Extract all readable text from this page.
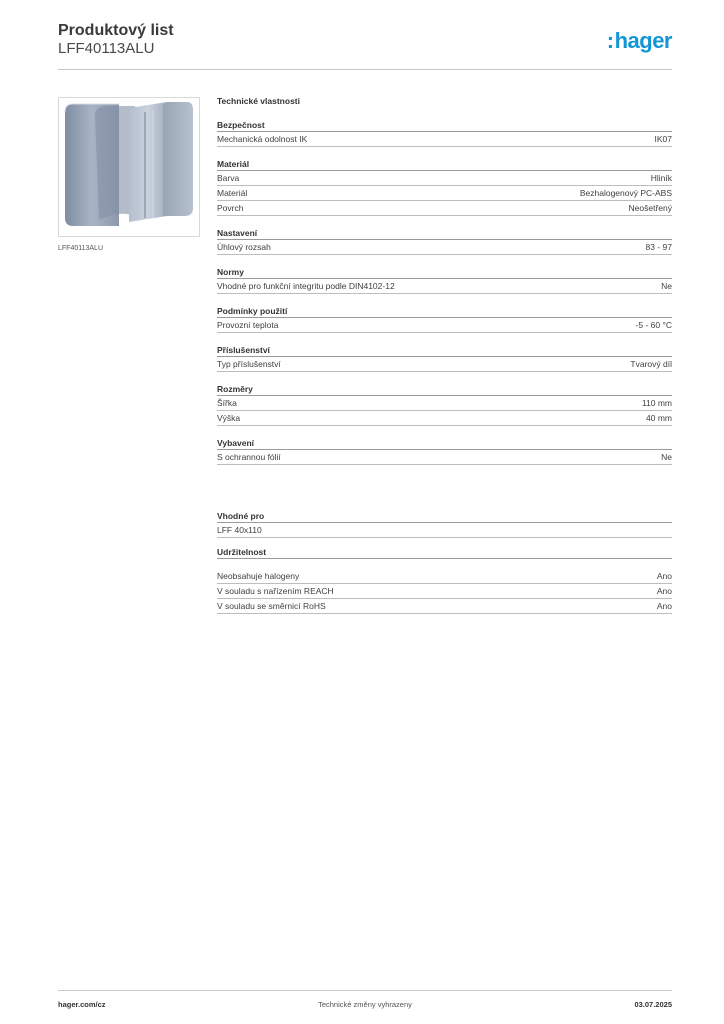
Produktový list
LFF40113ALU	:hager
LFF40113ALU
Technické vlastnosti
Bezpečnost
Mechanická odolnost IK	IK07
Materiál
Barva	Hliník
Materiál	Bezhalogenový PC-ABS
Povrch	Neošetřený
Nastavení
Úhlový rozsah	83 - 97
Normy
Vhodné pro funkční integritu podle DIN4102-12	Ne
Podmínky použití
Provozní teplota	-5 - 60 °C
Příslušenství
Typ příslušenství	Tvarový díl
Rozměry
Šířka	110 mm
Výška	40 mm
Vybavení
S ochrannou fólií	Ne
Vhodné pro
LFF 40x110
Udržitelnost
Neobsahuje halogeny	Ano
V souladu s nařízením REACH	Ano
V souladu se směrnicí RoHS	Ano
hager.com/cz	Technické změny vyhrazeny	03.07.2025
